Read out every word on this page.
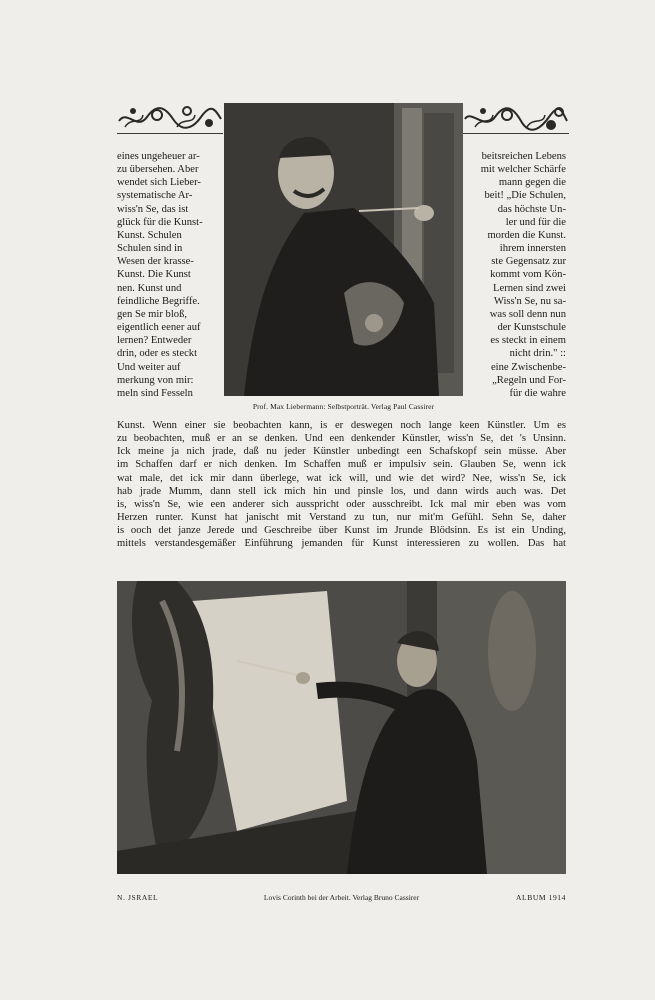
Prof. Max Liebermann: Selbstporträt. Verlag Paul Cassirer
eines ungeheuer ar-
zu übersehen. Aber
wendet sich Lieber-
systematische Ar-
wiss'n Se, das ist
glück für die Kunst-
Kunst. Schulen
Schulen sind in
Wesen der krasse-
Kunst. Die Kunst
nen. Kunst und
feindliche Begriffe.
gen Se mir bloß,
eigentlich eener auf
lernen? Entweder
drin, oder es steckt
Und weiter auf
merkung von mir:
meln sind Fesseln
beitsreichen Lebens
mit welcher Schärfe
mann gegen die
beit! „Die Schulen,
das höchste Un-
ler und für die
morden die Kunst.
ihrem innersten
ste Gegensatz zur
kommt vom Kön-
Lernen sind zwei
Wiss'n Se, nu sa-
was soll denn nun
der Kunstschule
es steckt in einem
nicht drin." ::
eine Zwischenbe-
„Regeln und For-
für die wahre
Kunst. Wenn einer sie beobachten kann, is er deswegen noch lange keen Künstler. Um es
zu beobachten, muß er an se denken. Und een denkender Künstler, wiss'n Se, det 's Unsinn.
Ick meine ja nich jrade, daß nu jeder Künstler unbedingt een Schafskopf sein müsse. Aber
im Schaffen darf er nich denken. Im Schaffen muß er impulsiv sein. Glauben Se, wenn ick
wat male, det ick mir dann überlege, wat ick will, und wie det wird? Nee, wiss'n Se, ick
hab jrade Mumm, dann stell ick mich hin und pinsle los, und dann wirds auch was. Det
is, wiss'n Se, wie een anderer sich ausspricht oder ausschreibt. Ick mal mir eben was vom
Herzen runter. Kunst hat janischt mit Verstand zu tun, nur mit'm Gefühl. Sehn Se, daher
is ooch det janze Jerede und Geschreibe über Kunst im Jrunde Blödsinn. Es ist ein Unding,
mittels verstandesgemäßer Einführung jemanden für Kunst interessieren zu wollen. Das hat
N. JSRAEL	Lovis Corinth bei der Arbeit. Verlag Bruno Cassirer	ALBUM 1914
